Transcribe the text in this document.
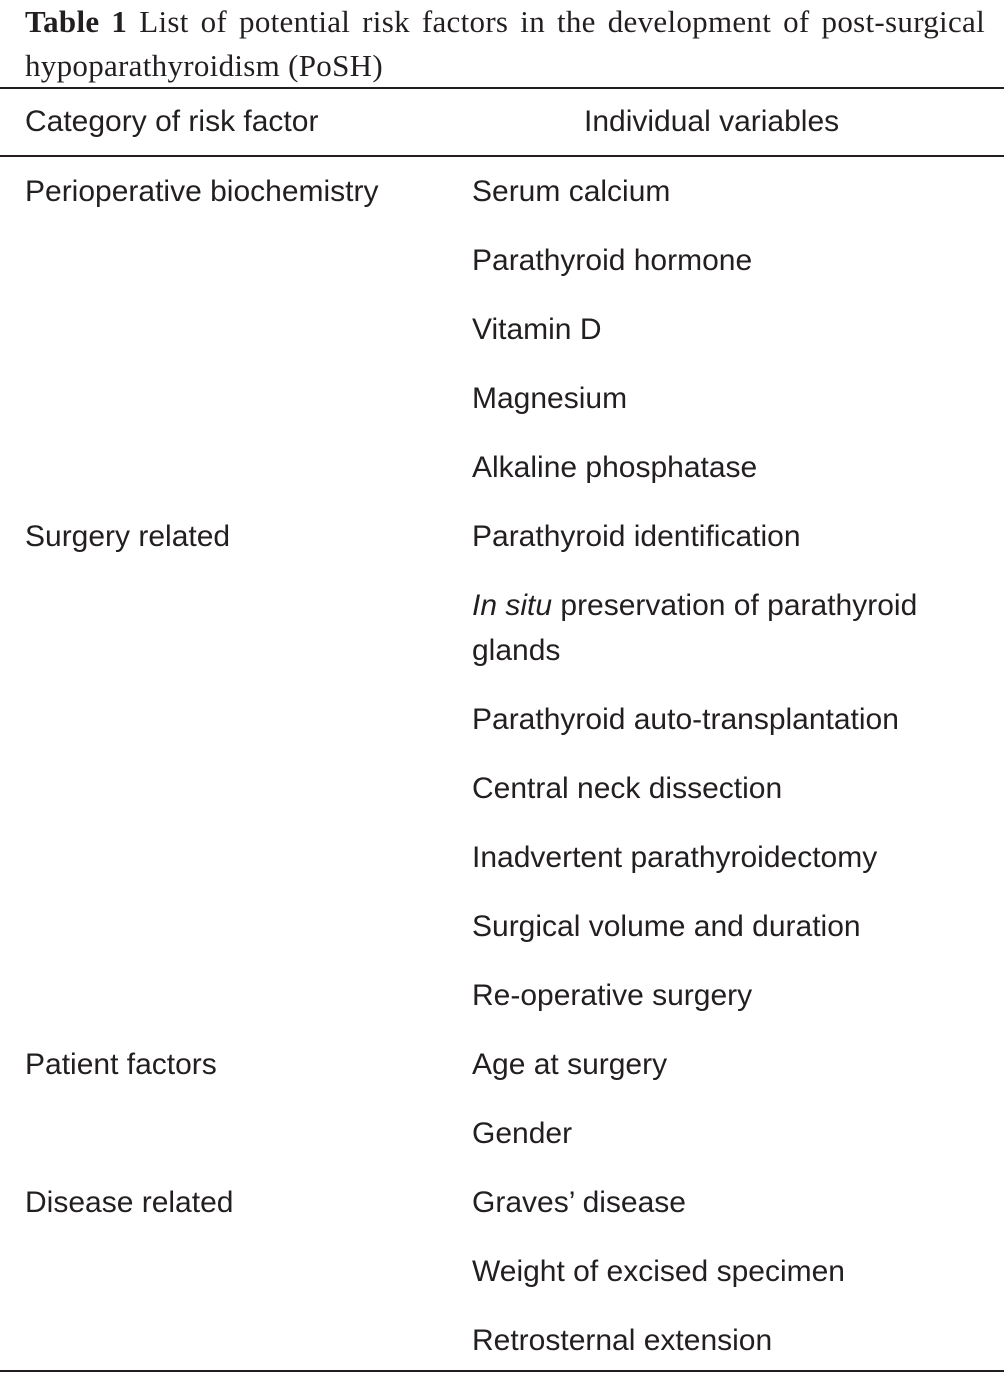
Table 1 List of potential risk factors in the development of post-surgical hypoparathyroidism (PoSH)
Category of risk factor	Individual variables
Perioperative biochemistry	Serum calcium
Parathyroid hormone
Vitamin D
Magnesium
Alkaline phosphatase
Surgery related	Parathyroid identification
In situ preservation of parathyroid glands
Parathyroid auto-transplantation
Central neck dissection
Inadvertent parathyroidectomy
Surgical volume and duration
Re-operative surgery
Patient factors	Age at surgery
Gender
Disease related	Graves’ disease
Weight of excised specimen
Retrosternal extension
